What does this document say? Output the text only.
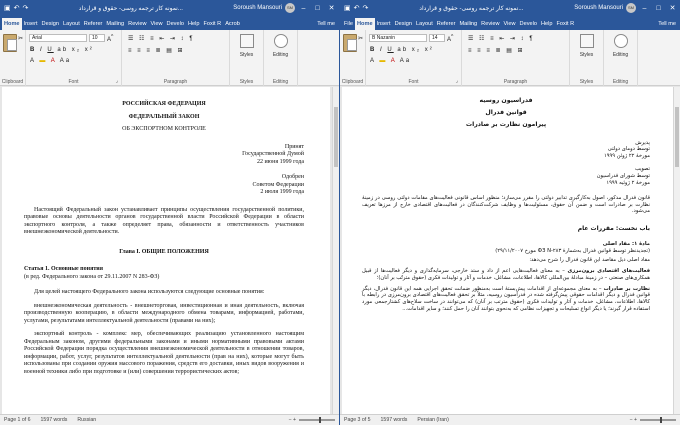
▣ ↶ ↷	نمونه کار ترجمه روسی- حقوق و قرارداد...	Soroush Mansouri	SM	–	□	✕
Home Insert Design Layout Referer Mailing Review View Develo Help Foxit R Acrob	Tell me
✂
Clipboard
Arial	10	A^
B I U ab x₂ x²
A ▬ A Aa
Font	⌟
☰ ☷ ≡ ⇤ ⇥ ↕ ¶
≡ ≡ ≡ ≣ ▤ ⊞
Paragraph
Styles
Styles
Editing
Editing

РОССИЙСКАЯ ФЕДЕРАЦИЯ

ФЕДЕРАЛЬНЫЙ ЗАКОН

ОБ ЭКСПОРТНОМ КОНТРОЛЕ

Принят

Государственной Думой

22 июня 1999 года

Одобрен

Советом Федерации

2 июля 1999 года

Настоящий Федеральный закон устанавливает принципы осуществления государственной политики, правовые основы деятельности органов государственной власти Российской Федерации в области экспортного контроля, а также определяет права, обязанности и ответственность участников внешнеэкономической деятельности.

Глава I. ОБЩИЕ ПОЛОЖЕНИЯ

Статья 1. Основные понятия

(в ред. Федерального закона от 29.11.2007 N 283-ФЗ)

Для целей настоящего Федерального закона используются следующие основные понятия:

внешнеэкономическая деятельность - внешнеторговая, инвестиционная и иная деятельность, включая производственную кооперацию, в области международного обмена товарами, информацией, работами, услугами, результатами интеллектуальной деятельности (правами на них);

экспортный контроль - комплекс мер, обеспечивающих реализацию установленного настоящим Федеральным законом, другими федеральными законами и иными нормативными правовыми актами Российской Федерации порядка осуществления внешнеэкономической деятельности в отношении товаров, информации, работ, услуг, результатов интеллектуальной деятельности (прав на них), которые могут быть использованы при создании оружия массового поражения, средств его доставки, иных видов вооружения и военной техники либо при подготовке и (или) совершении террористических актов;

Page 1 of 6 1597 words Russian	− +
▣ ↶ ↷	نمونه کار ترجمه روسی- حقوق و قرارداد...	Soroush Mansouri	SM	–	□	✕
File Home Insert Design Layout Referer Mailing Review View Develo Help Foxit R	Tell me
✂
Clipboard
B Nazanin	14	A^
B I U ab x₂ x²
A ▬ A Aa
Font	⌟
☰ ☷ ≡ ⇤ ⇥ ↕ ¶
≡ ≡ ≡ ≣ ▤ ⊞
Paragraph
Styles
Styles
Editing
Editing

فدراسیون روسیه

قوانین فدرال

پیرامون نظارت بر صادرات

پذیرش

توسط دومای دولتی

مورخهٔ ۲۲ ژوئن ۱۹۹۹

تصویب

توسط شورای فدراسیون

مورخهٔ ۲ ژوئیه ۱۹۹۹

قانون فدرال مذکور، اصول به‌کارگیری تدابیر دولتی را مقرر می‌سازد؛ منظور اساس قانونی فعالیت‌های مقامات دولتی روسی در زمینهٔ نظارت بر صادرات است و ضمن آن حقوق، مسئولیت‌ها و وظایف شرکت‌کنندگان در فعالیت‌های اقتصادی خارج از مرزها تعریف می‌شود.

باب نخست: مقررات عام

مادهٔ ۱: مفاد اصلی

(تجدیدنظر توسط قوانین فدرال به‌شمارهٔ ۲۸۳-ФЗ N مورخ ۲۹/۱۱/۲۰۰۷)

مفاد اصلی ذیل مقاصد این قانون فدرال را شرح می‌دهد:

فعالیت‌های اقتصادی برون‌مرزی – به معنای فعالیت‌هایی اعم از داد و ستد خارجی، سرمایه‌گذاری و دیگر فعالیت‌ها از قبیل همکاری‌های صنعتی – در زمینهٔ مبادلهٔ بین‌المللی کالاها، اطلاعات، مشاغل، خدمات و آثار و تولیدات فکری (حقوق مترتّب بر آنان)؛

نظارت بر صادرات – به معنای مجموعه‌ای از اقدامات پیش‌بستهٔ است به‌منظور ضمانت تحقق اجرایی همه این قانون فدرال، دیگر قوانین فدرال و دیگر اقدامات حقوقی پیش‌گرفته شده در فدراسیون روسیه، مثلاً بر تحقق فعالیت‌های اقتصادی برون‌مرزی در رابطه با کالاها، اطلاعات، مشاغل، خدمات و آثار و تولیدات فکری (حقوق مترتب بر آنان) که می‌توانند در ساخت سلاح‌های کشتارجمعی مورد استفاده قرار گیرند؛ یا دیگر انواع تسلیحات و تجهیزات نظامی که به‌نحوی بتوانند آنان را حمل کنند؛ و سایر اقدامات...

Page 3 of 5 1597 words Persian (Iran)	− +
